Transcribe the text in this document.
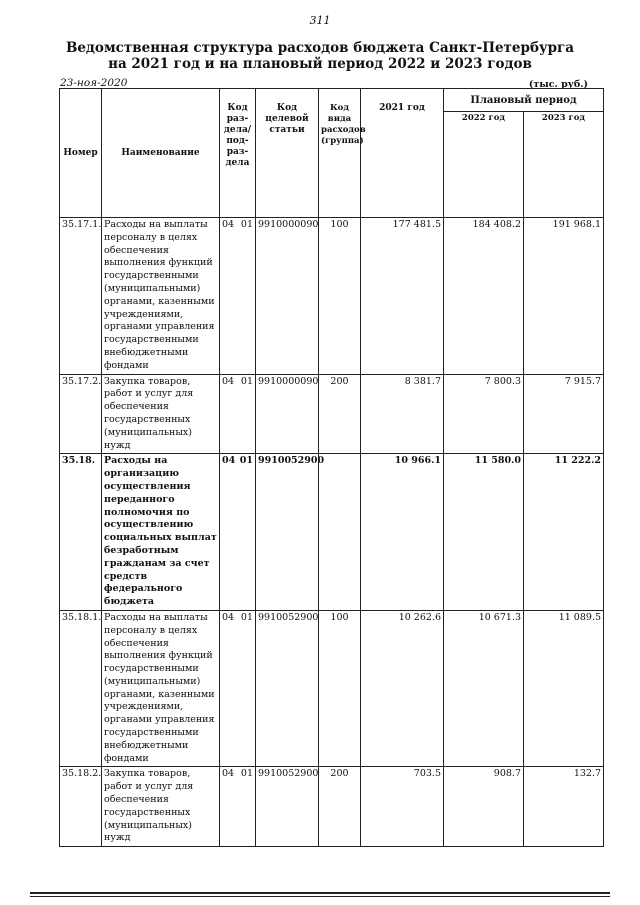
311
Ведомственная структура расходов бюджета Санкт-Петербурга
на 2021 год и на плановый период 2022 и 2023 годов
23-ноя-2020	(тыс. руб.)
Номер	Наименование	Код раз-дела/ под-раз-дела	Код целевой статьи	Код вида расходов (группа)	2021 год	Плановый период	
						2022 год	2023 год

35.17.1.	Расходы на выплаты персоналу в целях обеспечения выполнения функций государственными (муниципальными) органами, казенными учреждениями, органами управления государственными внебюджетными фондами	04 01	9910000090	100	177 481.5	184 408.2	191 968.1
35.17.2.	Закупка товаров, работ и услуг для обеспечения государственных (муниципальных) нужд	04 01	9910000090	200	8 381.7	7 800.3	7 915.7
35.18.	Расходы на организацию осуществления переданного полномочия по осуществлению социальных выплат безработным гражданам за счет средств федерального бюджета	04 01	9910052900		10 966.1	11 580.0	11 222.2
35.18.1.	Расходы на выплаты персоналу в целях обеспечения выполнения функций государственными (муниципальными) органами, казенными учреждениями, органами управления государственными внебюджетными фондами	04 01	9910052900	100	10 262.6	10 671.3	11 089.5
35.18.2.	Закупка товаров, работ и услуг для обеспечения государственных (муниципальных) нужд	04 01	9910052900	200	703.5	908.7	132.7
